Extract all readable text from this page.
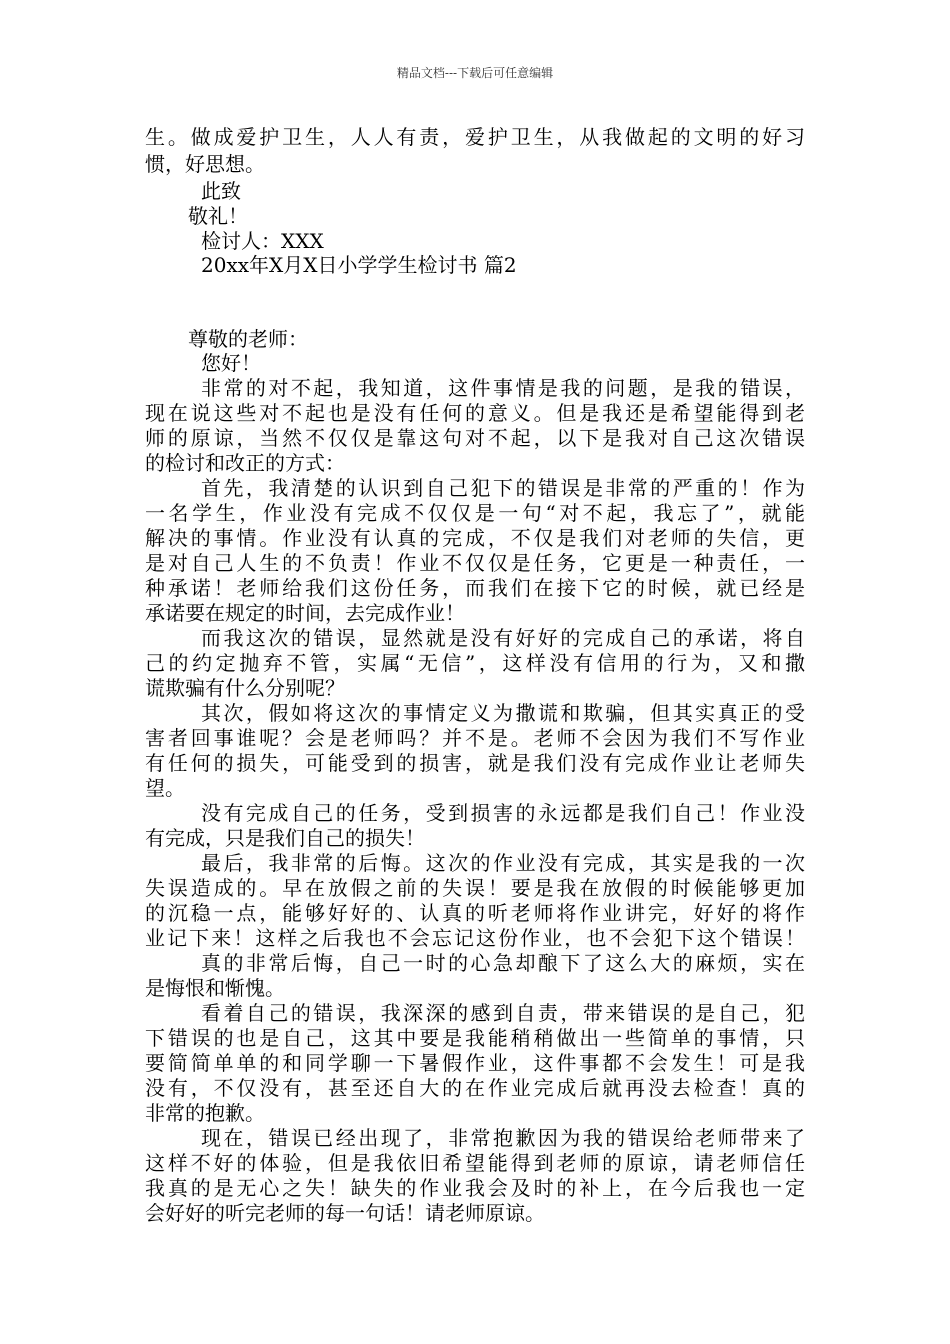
精品文档---下载后可任意编辑
生。做成爱护卫生，人人有责，爱护卫生，从我做起的文明的好习
惯，好思想。
此致
敬礼！
检讨人：XXX
20xx年X月X日小学学生检讨书 篇2
尊敬的老师：
您好！
非常的对不起，我知道，这件事情是我的问题，是我的错误，
现在说这些对不起也是没有任何的意义。但是我还是希望能得到老
师的原谅，当然不仅仅是靠这句对不起，以下是我对自己这次错误
的检讨和改正的方式：
首先，我清楚的认识到自己犯下的错误是非常的严重的！作为
一名学生，作业没有完成不仅仅是一句“对不起，我忘了”，就能
解决的事情。作业没有认真的完成，不仅是我们对老师的失信，更
是对自己人生的不负责！作业不仅仅是任务，它更是一种责任，一
种承诺！老师给我们这份任务，而我们在接下它的时候，就已经是
承诺要在规定的时间，去完成作业！
而我这次的错误，显然就是没有好好的完成自己的承诺，将自
己的约定抛弃不管，实属“无信”，这样没有信用的行为，又和撒
谎欺骗有什么分别呢？
其次，假如将这次的事情定义为撒谎和欺骗，但其实真正的受
害者回事谁呢？会是老师吗？并不是。老师不会因为我们不写作业
有任何的损失，可能受到的损害，就是我们没有完成作业让老师失
望。
没有完成自己的任务，受到损害的永远都是我们自己！作业没
有完成，只是我们自己的损失！
最后，我非常的后悔。这次的作业没有完成，其实是我的一次
失误造成的。早在放假之前的失误！要是我在放假的时候能够更加
的沉稳一点，能够好好的、认真的听老师将作业讲完，好好的将作
业记下来！这样之后我也不会忘记这份作业，也不会犯下这个错误！
真的非常后悔，自己一时的心急却酿下了这么大的麻烦，实在
是悔恨和惭愧。
看着自己的错误，我深深的感到自责，带来错误的是自己，犯
下错误的也是自己，这其中要是我能稍稍做出一些简单的事情，只
要简简单单的和同学聊一下暑假作业，这件事都不会发生！可是我
没有，不仅没有，甚至还自大的在作业完成后就再没去检查！真的
非常的抱歉。
现在，错误已经出现了，非常抱歉因为我的错误给老师带来了
这样不好的体验，但是我依旧希望能得到老师的原谅，请老师信任
我真的是无心之失！缺失的作业我会及时的补上，在今后我也一定
会好好的听完老师的每一句话！请老师原谅。
